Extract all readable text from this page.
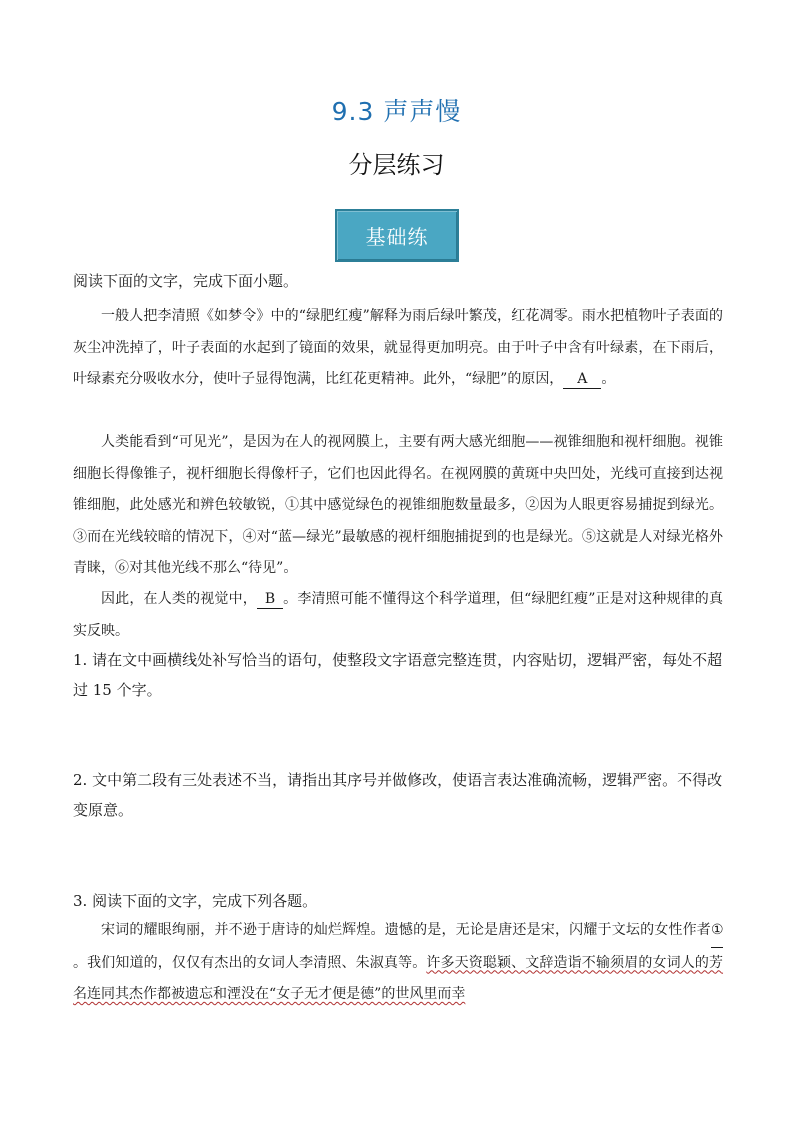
9.3 声声慢
分层练习
基础练
阅读下面的文字，完成下面小题。

一般人把李清照《如梦令》中的“绿肥红瘦”解释为雨后绿叶繁茂，红花凋零。雨水把植物叶子表面的灰尘冲洗掉了，叶子表面的水起到了镜面的效果，就显得更加明亮。由于叶子中含有叶绿素，在下雨后，叶绿素充分吸收水分，使叶子显得饱满，比红花更精神。此外，“绿肥”的原因， A 。

人类能看到“可见光”，是因为在人的视网膜上，主要有两大感光细胞——视锥细胞和视杆细胞。视锥细胞长得像锥子，视杆细胞长得像杆子，它们也因此得名。在视网膜的黄斑中央凹处，光线可直接到达视锥细胞，此处感光和辨色较敏锐，①其中感觉绿色的视锥细胞数量最多，②因为人眼更容易捕捉到绿光。③而在光线较暗的情况下，④对“蓝—绿光”最敏感的视杆细胞捕捉到的也是绿光。⑤这就是人对绿光格外青睐，⑥对其他光线不那么“待见”。

因此，在人类的视觉中， B 。李清照可能不懂得这个科学道理，但“绿肥红瘦”正是对这种规律的真实反映。

1. 请在文中画横线处补写恰当的语句，使整段文字语意完整连贯，内容贴切，逻辑严密，每处不超过 15 个字。

2. 文中第二段有三处表述不当，请指出其序号并做修改，使语言表达准确流畅，逻辑严密。不得改变原意。

3. 阅读下面的文字，完成下列各题。

宋词的耀眼绚丽，并不逊于唐诗的灿烂辉煌。遗憾的是，无论是唐还是宋，闪耀于文坛的女性作者①。我们知道的，仅仅有杰出的女词人李清照、朱淑真等。许多天资聪颖、文辞造诣不输须眉的女词人的芳名连同其杰作都被遗忘和湮没在“女子无才便是德”的世风里而幸
